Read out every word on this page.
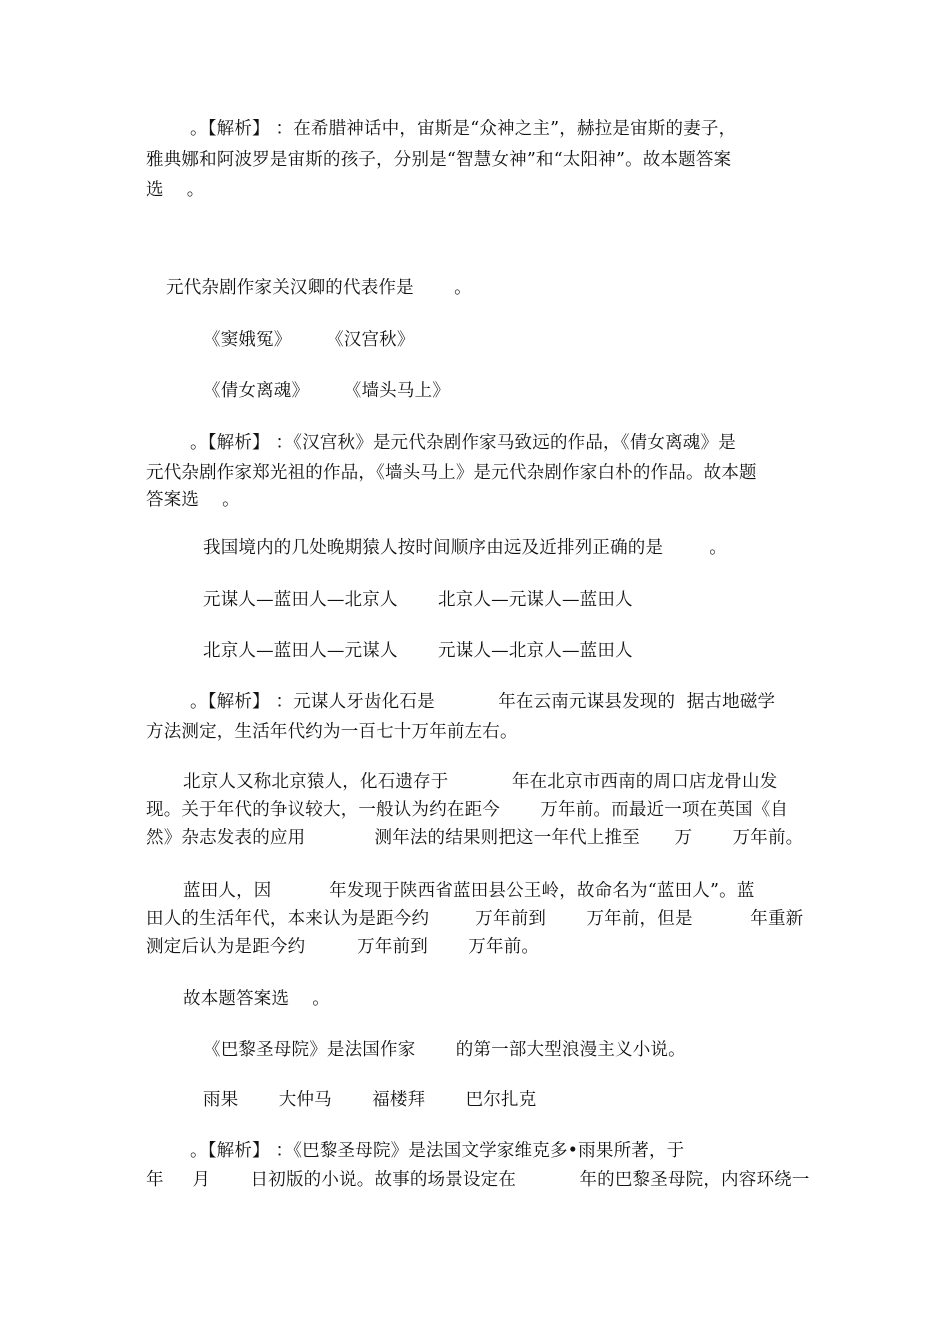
。【解析】 ：在希腊神话中，宙斯是“众神之主”，赫拉是宙斯的妻子，
雅典娜和阿波罗是宙斯的孩子，分别是“智慧女神”和“太阳神”。故本题答案
选    。
元代杂剧作家关汉卿的代表作是       。
《窦娥冤》      《汉宫秋》
《倩女离魂》      《墙头马上》
。【解析】 ：《汉宫秋》是元代杂剧作家马致远的作品，《倩女离魂》是
元代杂剧作家郑光祖的作品，《墙头马上》是元代杂剧作家白朴的作品。故本题
答案选    。
我国境内的几处晚期猿人按时间顺序由远及近排列正确的是        。
元谋人—蓝田人—北京人       北京人—元谋人—蓝田人
北京人—蓝田人—元谋人       元谋人—北京人—蓝田人
。【解析】 ：元谋人牙齿化石是           年在云南元谋县发现的  据古地磁学
方法测定，生活年代约为一百七十万年前左右。
北京人又称北京猿人，化石遗存于           年在北京市西南的周口店龙骨山发
现。关于年代的争议较大，一般认为约在距今       万年前。而最近一项在英国《自
然》杂志发表的应用            测年法的结果则把这一年代上推至      万       万年前。
蓝田人，因          年发现于陕西省蓝田县公王岭，故命名为“蓝田人”。蓝
田人的生活年代，本来认为是距今约        万年前到       万年前，但是          年重新
测定后认为是距今约         万年前到       万年前。
故本题答案选    。
《巴黎圣母院》是法国作家       的第一部大型浪漫主义小说。
雨果       大仲马       福楼拜       巴尔扎克
。【解析】 ：《巴黎圣母院》是法国文学家维克多•雨果所著，于
年     月       日初版的小说。故事的场景设定在           年的巴黎圣母院，内容环绕一
